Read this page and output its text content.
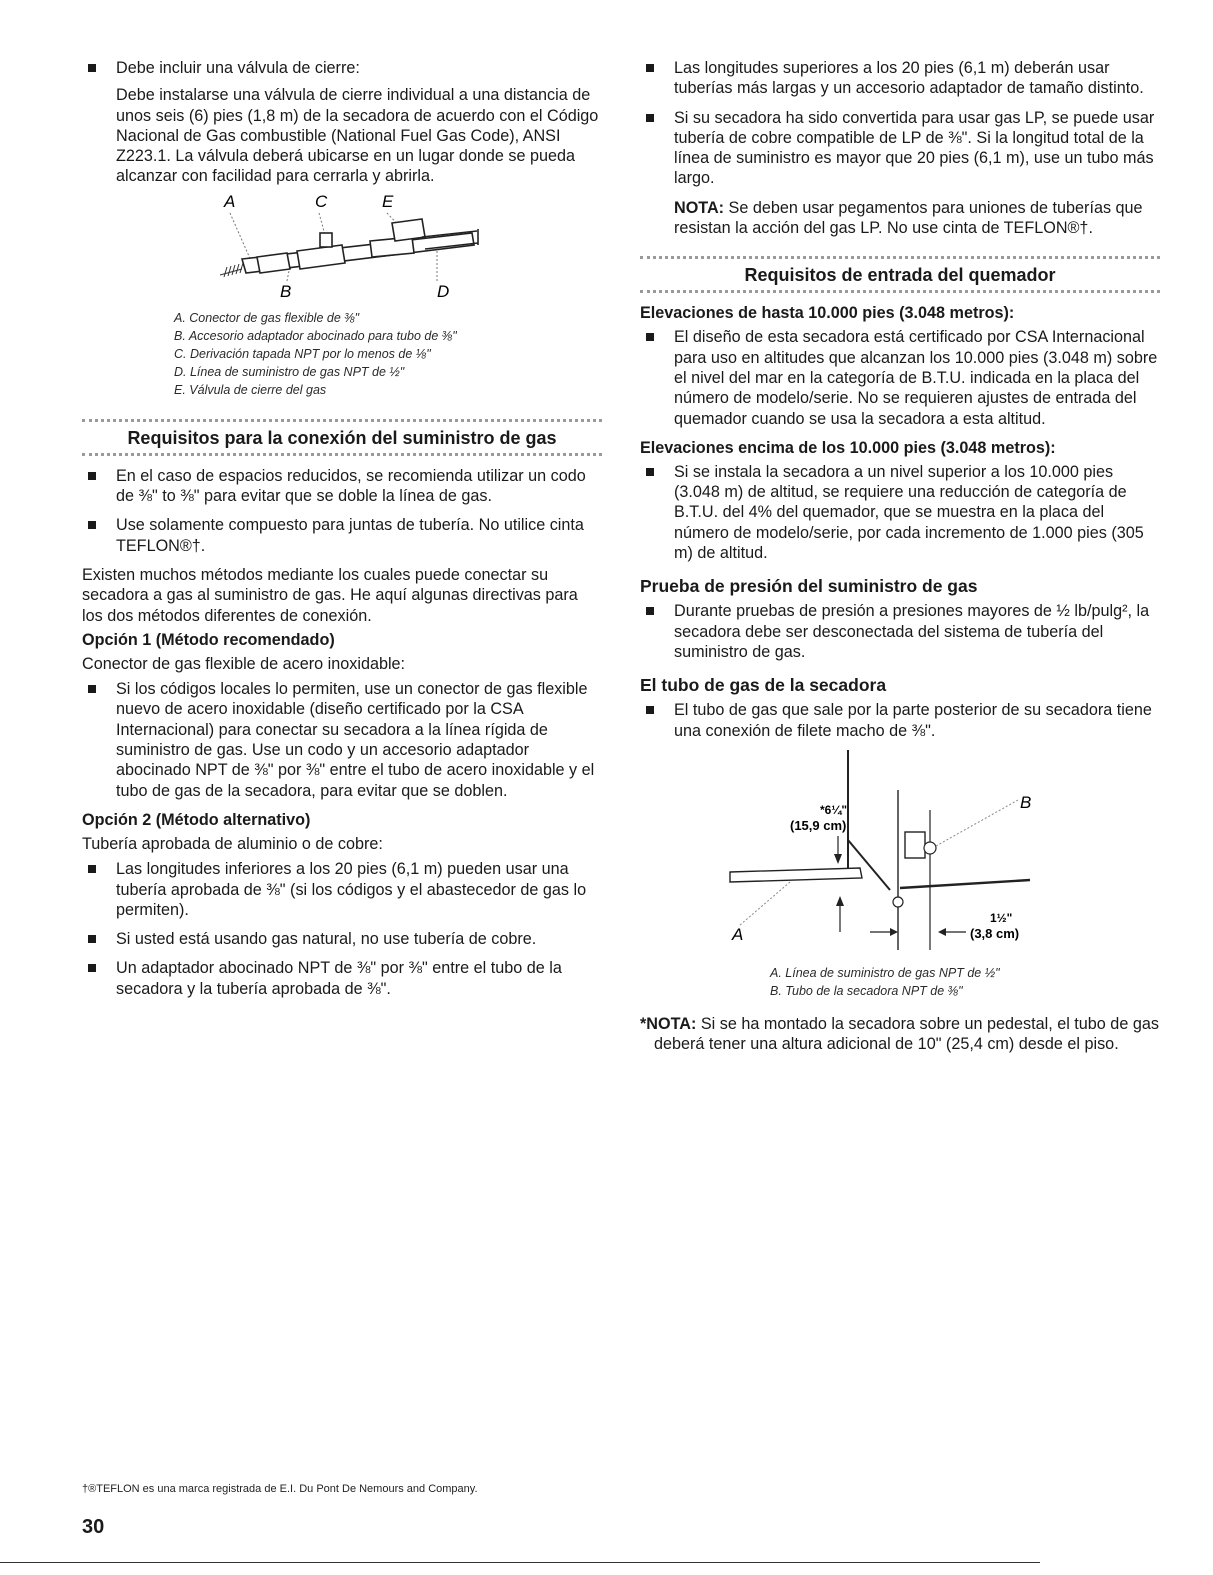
Debe incluir una válvula de cierre:

Debe instalarse una válvula de cierre individual a una distancia de unos seis (6) pies (1,8 m) de la secadora de acuerdo con el Código Nacional de Gas combustible (National Fuel Gas Code), ANSI Z223.1. La válvula deberá ubicarse en un lugar donde se pueda alcanzar con facilidad para cerrarla y abrirla.

A	C	E
B	D
A. Conector de gas flexible de ⅜"
B. Accesorio adaptador abocinado para tubo de ⅜"
C. Derivación tapada NPT por lo menos de ⅛"
D. Línea de suministro de gas NPT de ½"
E. Válvula de cierre del gas
Requisitos para la conexión del suministro de gas

En el caso de espacios reducidos, se recomienda utilizar un codo de ⅜" to ⅜" para evitar que se doble la línea de gas.

Use solamente compuesto para juntas de tubería. No utilice cinta TEFLON®†.

Existen muchos métodos mediante los cuales puede conectar su secadora a gas al suministro de gas. He aquí algunas directivas para los dos métodos diferentes de conexión.

Opción 1 (Método recomendado)

Conector de gas flexible de acero inoxidable:

Si los códigos locales lo permiten, use un conector de gas flexible nuevo de acero inoxidable (diseño certificado por la CSA Internacional) para conectar su secadora a la línea rígida de suministro de gas. Use un codo y un accesorio adaptador abocinado NPT de ⅜" por ⅜" entre el tubo de acero inoxidable y el tubo de gas de la secadora, para evitar que se doblen.

Opción 2 (Método alternativo)

Tubería aprobada de aluminio o de cobre:

Las longitudes inferiores a los 20 pies (6,1 m) pueden usar una tubería aprobada de ⅜" (si los códigos y el abastecedor de gas lo permiten).

Si usted está usando gas natural, no use tubería de cobre.

Un adaptador abocinado NPT de ⅜" por ⅜" entre el tubo de la secadora y la tubería aprobada de ⅜".

Las longitudes superiores a los 20 pies (6,1 m) deberán usar tuberías más largas y un accesorio adaptador de tamaño distinto.

Si su secadora ha sido convertida para usar gas LP, se puede usar tubería de cobre compatible de LP de ⅜". Si la longitud total de la línea de suministro es mayor que 20 pies (6,1 m), use un tubo más largo.

NOTA: Se deben usar pegamentos para uniones de tuberías que resistan la acción del gas LP. No use cinta de TEFLON®†.

Requisitos de entrada del quemador
Elevaciones de hasta 10.000 pies (3.048 metros):

El diseño de esta secadora está certificado por CSA Internacional para uso en altitudes que alcanzan los 10.000 pies (3.048 m) sobre el nivel del mar en la categoría de B.T.U. indicada en la placa del número de modelo/serie. No se requieren ajustes de entrada del quemador cuando se usa la secadora a esta altitud.

Elevaciones encima de los 10.000 pies (3.048 metros):

Si se instala la secadora a un nivel superior a los 10.000 pies (3.048 m) de altitud, se requiere una reducción de categoría de B.T.U. del 4% del quemador, que se muestra en la placa del número de modelo/serie, por cada incremento de 1.000 pies (305 m) de altitud.

Prueba de presión del suministro de gas

Durante pruebas de presión a presiones mayores de ½ lb/pulg², la secadora debe ser desconectada del sistema de tubería del suministro de gas.

El tubo de gas de la secadora

El tubo de gas que sale por la parte posterior de su secadora tiene una conexión de filete macho de ⅜".

*6¼"
(15,9 cm)
B
A
1½"
(3,8 cm)
A. Línea de suministro de gas NPT de ½"
B. Tubo de la secadora NPT de ⅜"

*NOTA: Si se ha montado la secadora sobre un pedestal, el tubo de gas deberá tener una altura adicional de 10" (25,4 cm) desde el piso.

†®TEFLON es una marca registrada de E.I. Du Pont De Nemours and Company.
30
